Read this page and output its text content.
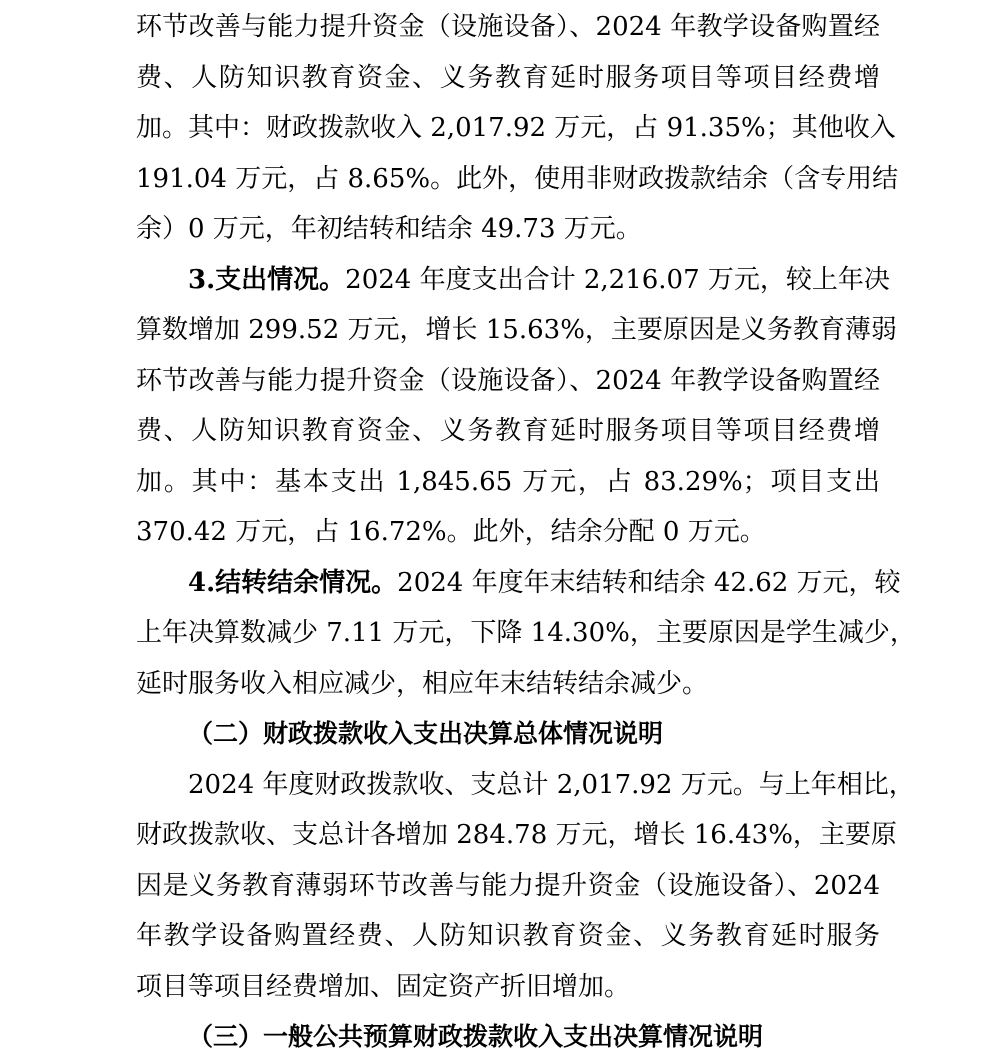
环节改善与能力提升资金（设施设备）、2024 年教学设备购置经
费、人防知识教育资金、义务教育延时服务项目等项目经费增
加。其中：财政拨款收入 2,017.92 万元，占 91.35%；其他收入
191.04 万元，占 8.65%。此外，使用非财政拨款结余（含专用结
余）0 万元，年初结转和结余 49.73 万元。
3.支出情况。2024 年度支出合计 2,216.07 万元，较上年决
算数增加 299.52 万元，增长 15.63%，主要原因是义务教育薄弱
环节改善与能力提升资金（设施设备）、2024 年教学设备购置经
费、人防知识教育资金、义务教育延时服务项目等项目经费增
加。其中：基本支出 1,845.65 万元，占 83.29%；项目支出
370.42 万元，占 16.72%。此外，结余分配 0 万元。
4.结转结余情况。2024 年度年末结转和结余 42.62 万元，较
上年决算数减少 7.11 万元，下降 14.30%，主要原因是学生减少，
延时服务收入相应减少，相应年末结转结余减少。
（二）财政拨款收入支出决算总体情况说明
2024 年度财政拨款收、支总计 2,017.92 万元。与上年相比，
财政拨款收、支总计各增加 284.78 万元，增长 16.43%，主要原
因是义务教育薄弱环节改善与能力提升资金（设施设备）、2024
年教学设备购置经费、人防知识教育资金、义务教育延时服务
项目等项目经费增加、固定资产折旧增加。
（三）一般公共预算财政拨款收入支出决算情况说明
